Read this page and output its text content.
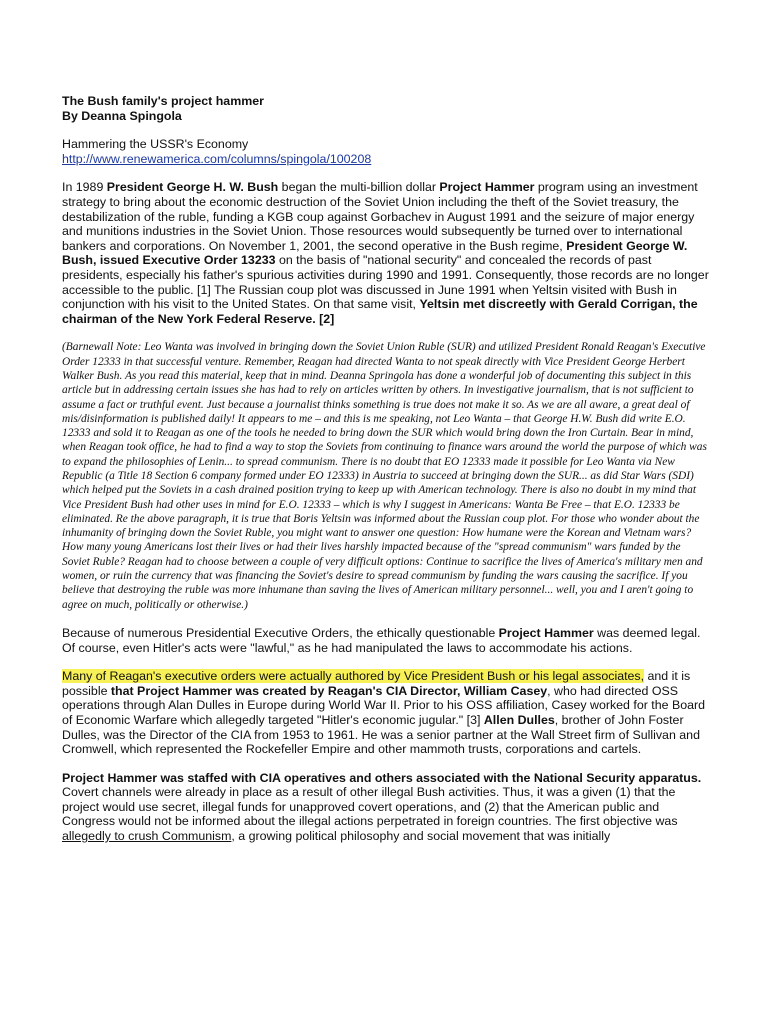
The Bush family's project hammer
By Deanna Spingola
Hammering the USSR's Economy
http://www.renewamerica.com/columns/spingola/100208

In 1989 President George H. W. Bush began the multi-billion dollar Project Hammer program using an investment strategy to bring about the economic destruction of the Soviet Union including the theft of the Soviet treasury, the destabilization of the ruble, funding a KGB coup against Gorbachev in August 1991 and the seizure of major energy and munitions industries in the Soviet Union. Those resources would subsequently be turned over to international bankers and corporations. On November 1, 2001, the second operative in the Bush regime, President George W. Bush, issued Executive Order 13233 on the basis of "national security" and concealed the records of past presidents, especially his father's spurious activities during 1990 and 1991. Consequently, those records are no longer accessible to the public. [1] The Russian coup plot was discussed in June 1991 when Yeltsin visited with Bush in conjunction with his visit to the United States. On that same visit, Yeltsin met discreetly with Gerald Corrigan, the chairman of the New York Federal Reserve. [2]

(Barnewall Note: Leo Wanta was involved in bringing down the Soviet Union Ruble (SUR) and utilized President Ronald Reagan's Executive Order 12333 in that successful venture. Remember, Reagan had directed Wanta to not speak directly with Vice President George Herbert Walker Bush. As you read this material, keep that in mind. Deanna Springola has done a wonderful job of documenting this subject in this article but in addressing certain issues she has had to rely on articles written by others. In investigative journalism, that is not sufficient to assume a fact or truthful event. Just because a journalist thinks something is true does not make it so. As we are all aware, a great deal of mis/disinformation is published daily! It appears to me – and this is me speaking, not Leo Wanta – that George H.W. Bush did write E.O. 12333 and sold it to Reagan as one of the tools he needed to bring down the SUR which would bring down the Iron Curtain. Bear in mind, when Reagan took office, he had to find a way to stop the Soviets from continuing to finance wars around the world the purpose of which was to expand the philosophies of Lenin... to spread communism. There is no doubt that EO 12333 made it possible for Leo Wanta via New Republic (a Title 18 Section 6 company formed under EO 12333) in Austria to succeed at bringing down the SUR... as did Star Wars (SDI) which helped put the Soviets in a cash drained position trying to keep up with American technology. There is also no doubt in my mind that Vice President Bush had other uses in mind for E.O. 12333 – which is why I suggest in Americans: Wanta Be Free – that E.O. 12333 be eliminated. Re the above paragraph, it is true that Boris Yeltsin was informed about the Russian coup plot. For those who wonder about the inhumanity of bringing down the Soviet Ruble, you might want to answer one question: How humane were the Korean and Vietnam wars? How many young Americans lost their lives or had their lives harshly impacted because of the "spread communism" wars funded by the Soviet Ruble? Reagan had to choose between a couple of very difficult options: Continue to sacrifice the lives of America's military men and women, or ruin the currency that was financing the Soviet's desire to spread communism by funding the wars causing the sacrifice. If you believe that destroying the ruble was more inhumane than saving the lives of American military personnel... well, you and I aren't going to agree on much, politically or otherwise.)

Because of numerous Presidential Executive Orders, the ethically questionable Project Hammer was deemed legal. Of course, even Hitler's acts were "lawful," as he had manipulated the laws to accommodate his actions.

Many of Reagan's executive orders were actually authored by Vice President Bush or his legal associates, and it is possible that Project Hammer was created by Reagan's CIA Director, William Casey, who had directed OSS operations through Alan Dulles in Europe during World War II. Prior to his OSS affiliation, Casey worked for the Board of Economic Warfare which allegedly targeted "Hitler's economic jugular." [3] Allen Dulles, brother of John Foster Dulles, was the Director of the CIA from 1953 to 1961. He was a senior partner at the Wall Street firm of Sullivan and Cromwell, which represented the Rockefeller Empire and other mammoth trusts, corporations and cartels.

Project Hammer was staffed with CIA operatives and others associated with the National Security apparatus. Covert channels were already in place as a result of other illegal Bush activities. Thus, it was a given (1) that the project would use secret, illegal funds for unapproved covert operations, and (2) that the American public and Congress would not be informed about the illegal actions perpetrated in foreign countries. The first objective was allegedly to crush Communism, a growing political philosophy and social movement that was initially
